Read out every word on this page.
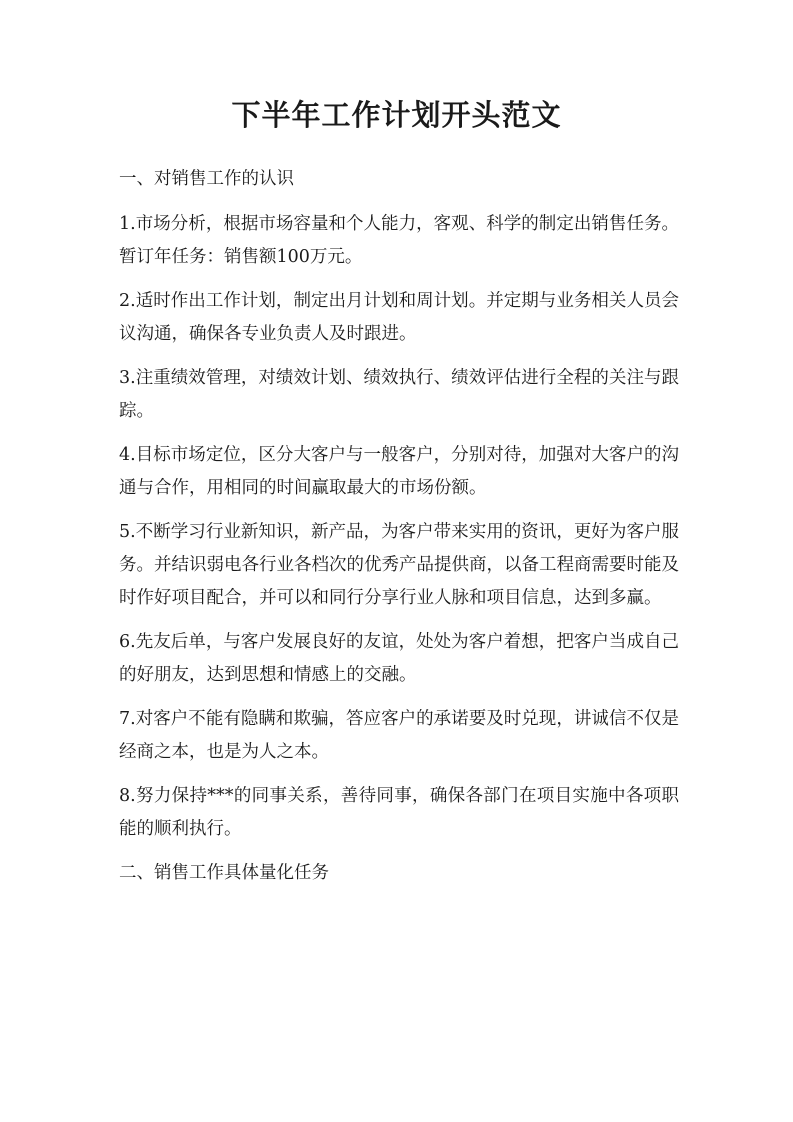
下半年工作计划开头范文

一、对销售工作的认识

1.市场分析，根据市场容量和个人能力，客观、科学的制定出销售任务。暂订年任务：销售额100万元。

2.适时作出工作计划，制定出月计划和周计划。并定期与业务相关人员会议沟通，确保各专业负责人及时跟进。

3.注重绩效管理，对绩效计划、绩效执行、绩效评估进行全程的关注与跟踪。

4.目标市场定位，区分大客户与一般客户，分别对待，加强对大客户的沟通与合作，用相同的时间赢取最大的市场份额。

5.不断学习行业新知识，新产品，为客户带来实用的资讯，更好为客户服务。并结识弱电各行业各档次的优秀产品提供商，以备工程商需要时能及时作好项目配合，并可以和同行分享行业人脉和项目信息，达到多赢。

6.先友后单，与客户发展良好的友谊，处处为客户着想，把客户当成自己的好朋友，达到思想和情感上的交融。

7.对客户不能有隐瞒和欺骗，答应客户的承诺要及时兑现，讲诚信不仅是经商之本，也是为人之本。

8.努力保持***的同事关系，善待同事，确保各部门在项目实施中各项职能的顺利执行。

二、销售工作具体量化任务
